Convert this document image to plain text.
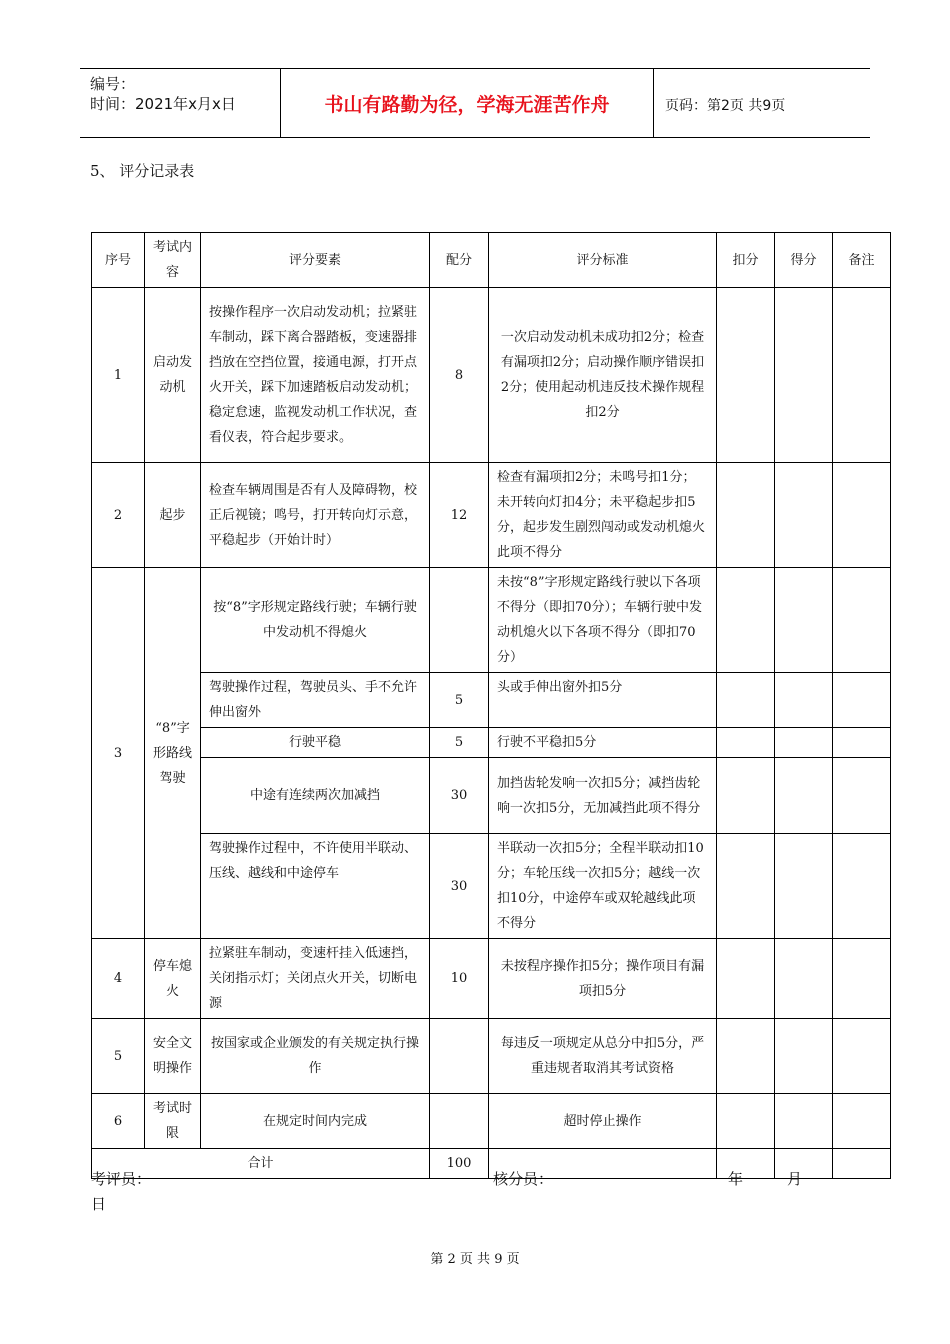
编号：
时间：2021年x月x日	书山有路勤为径，学海无涯苦作舟	页码：第2页 共9页
5、 评分记录表
序号	考试内容	评分要素	配分	评分标准	扣分	得分	备注
1	启动发动机	按操作程序一次启动发动机；拉紧驻车制动，踩下离合器踏板，变速器排挡放在空挡位置，接通电源，打开点火开关，踩下加速踏板启动发动机；稳定怠速，监视发动机工作状况，查看仪表，符合起步要求。	8	一次启动发动机未成功扣2分；检查有漏项扣2分；启动操作顺序错误扣2分；使用起动机违反技术操作规程扣2分			
2	起步	检查车辆周围是否有人及障碍物，校正后视镜；鸣号，打开转向灯示意，平稳起步（开始计时）	12	检查有漏项扣2分；未鸣号扣1分；未开转向灯扣4分；未平稳起步扣5分，起步发生剧烈闯动或发动机熄火此项不得分			
3	“8”字形路线驾驶	按“8”字形规定路线行驶；车辆行驶中发动机不得熄火		未按“8”字形规定路线行驶以下各项不得分（即扣70分）；车辆行驶中发动机熄火以下各项不得分（即扣70分）			
		驾驶操作过程，驾驶员头、手不允许伸出窗外	5	头或手伸出窗外扣5分			
		行驶平稳	5	行驶不平稳扣5分			
		中途有连续两次加减挡	30	加挡齿轮发响一次扣5分；减挡齿轮响一次扣5分，无加减挡此项不得分			
		驾驶操作过程中，不许使用半联动、压线、越线和中途停车	30	半联动一次扣5分；全程半联动扣10分；车轮压线一次扣5分；越线一次扣10分，中途停车或双轮越线此项不得分			
4	停车熄火	拉紧驻车制动，变速杆挂入低速挡，关闭指示灯；关闭点火开关，切断电源	10	未按程序操作扣5分；操作项目有漏项扣5分			
5	安全文明操作	按国家或企业颁发的有关规定执行操作		每违反一项规定从总分中扣5分，严重违规者取消其考试资格			
6	考试时限	在规定时间内完成		超时停止操作			
合计			100				
考评员：	核分员：	年	月
日
第 2 页 共 9 页
